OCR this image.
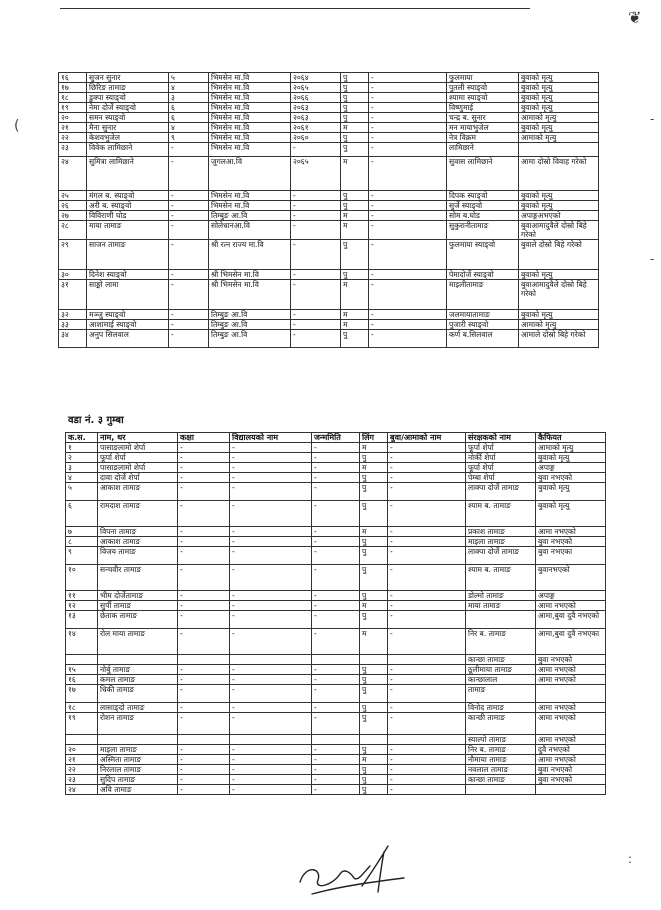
❦
(	-
-
:
१६	सुजन सुनार	५	भिमसेन मा.वि	२०६४	पु	-	फुलमाया	बुवाको मृत्यु
१७	छिरिङ तामाङ	४	भिमसेन मा.वि	२०६५	पु	-	पुतली स्याङ्वो	बुवाको मृत्यु
१८	डुक्पा स्याङ्वो	३	भिमसेन मा.वि	२०६६	पु	-	श्यामा स्याङ्वो	बुवाको मृत्यु
१९	नेमा दोर्जे स्याङ्वो	६	भिमसेन मा.वि	२०६३	पु	-	विष्णुमाई	बुवाको मृत्यु
२०	समन स्याङ्वो	६	भिमसेन मा.वि	२०६३	पु	-	चन्द्र ब. सुनार	आमाको मृत्यु
२१	मैना सुनार	४	भिमसेन मा.वि	२०६१	म	-	मन मायाभुजेल	बुवाको मृत्यु
२२	केशवभुजेल	९	भिमसेन मा.वि	२०६०	पु	-	नेत्र विक्रम	आमाको मृत्यु
२३	विवेक लामिछाने	-	भिमसेन मा.वि	-	पु	-	लामिछाने	
२४	सुमित्रा लामिछाने	-	जुगलआ.वि	२०६५	म	-	सुवास लामिछाने	आमा दोस्रो विवाह गरेको
२५	मंगल ब. स्याङ्वो	-	भिमसेन मा.वि	-	पु	-	दिपक स्याङ्वो	बुवाको मृत्यु
२६	अरी ब. स्याङ्वो	-	भिमसेन मा.वि	-	पु	-	सुर्जे स्याङ्वो	बुवाको मृत्यु
२७	विविराणी घोड	-	तिम्बुङ आ.वि	-	म	-	सोम ब.घोड	अपाङ्गअभएको
२८	माया तामाङ	-	सोलेधानआ.वि	-	म	-	सुकुरानीतामाङ	बुवाआमादुवैले दोस्रो बिहे गरेको
२९	साजन तामाङ	-	श्री रत्न राज्य मा.वि	-	पु	-	फुलमाया स्याङ्वो	बुवाले दोस्रो बिहे गरेको
३०	दिनेश स्याङ्वो	-	श्री भिमसेन मा.वि	-	पु	-	पेमादोर्जे स्याङ्वो	बुवाको मृत्यु
३१	साङ्मो लामा	-	श्री भिमसेन मा.वि	-	म	-	माइलीतामाङ	बुवाआमादुवैले दोस्रो बिहे गरेको
३२	मञ्जु स्याङ्वो	-	तिम्बुङ आ.वि	-	म	-	जलमायातामाङ	बुवाको मृत्यु
३३	आशामाई स्याङ्वो	-	तिम्बुङ आ.वि	-	म	-	पुजारी स्याङ्वो	आमाको मृत्यु
३४	अनुप सिलवाल	-	तिम्बुङ आ.वि	-	पु	-	कर्ण ब.सिलवाल	आमाले दोस्रो बिहे गरेको
वडा नं. ३ गुम्बा
क.स.	नाम, थर	कक्षा	विद्यालयको नाम	जन्ममिति	लिंग	बुवा/आमाको नाम	संरक्षकको नाम	कैफियत
१	पासाङलामो शेर्पा	-	-	-	म	-	फूर्पा शेर्पा	आमाको मृत्यु
२	फूर्पा शेर्पा	-	-	-	पु	-	नोर्की शेर्पा	बुवाको मृत्यु
३	पासाङलामो शेर्पा	-	-	-	म	-	फूर्पा शेर्पा	अपाङ्ग
४	दावा दोर्जे शेर्पा	-	-	-	पु	-	पेम्बा शेर्पा	बुवा नभएको
५	आकाश तामाङ	-	-	-	पु	-	लाक्पा दोर्जे तामाङ	बुवाको मृत्यु
६	रामदाश तामाङ	-	-	-	पु	-	श्याम ब. तामाङ	बुवाको मृत्यु
७	विपना तामाङ	-	-	-	म	-	प्रकाश तामाङ	आमा नभएको
८	आकाश तामाङ	-	-	-	पु	-	माइला तामाङ	बुवा नभएको
९	विजय तामाङ	-	-	-	पु	-	लाक्पा दोर्जे तामाङ	बुवा नभएका
१०	सन्चवीर तामाङ	-	-	-	पु	-	श्याम ब. तामाङ	बुवानभएको
११	भीम दोर्जेतामाङ	-	-	-	पु	-	डोल्मो तामाङ	अपाङ्ग
१२	सुर्पी तामाङ	-	-	-	म	-	माया तामाङ	आमा नभएको
१३	छेताक तामाङ	-	-	-	पु	-		आमा,बुवा दुवै नभएको
१४	रोल माया तामाङ	-	-	-	म	-	निर ब. तामाङ	आमा,बुवा दुवै नभएका
							कान्छा तामाङ	बुवा नभएको
१५	नोर्बु तामाङ	-	-	-	पु	-	ठूलीमाया तामाङ	आमा नभएको
१६	कमल तामाङ	-	-	-	पु	-	कान्छालाल	आमा नभएको
१७	धिकी तामाङ	-	-	-	पु	-	तामाङ	
१८	लासाङ्दो तामाङ	-	-	-	पु	-	विनोद तामाङ	आमा नभएको
१९	रोशन तामाङ	-	-	-	पु	-	कान्छी तामाङ	आमा नभएको
							स्याल्पो तामाङ	आमा नभएको
२०	माइला तामाङ	-	-	-	पु	-	निर ब. तामाङ	दुवै नभएको
२१	अस्मिता तामाङ	-	-	-	म	-	नौमाया तामाङ	आमा नभएको
२२	निरलाल तामाङ	-	-	-	पु	-	नवलाल तामाङ	बुवा नभएको
२३	सुदिप तामाङ	-	-	-	पु	-	कान्छा तामाङ	बुवा नभएको
२४	अवि तामाङ	-	-	-	पु	-		
